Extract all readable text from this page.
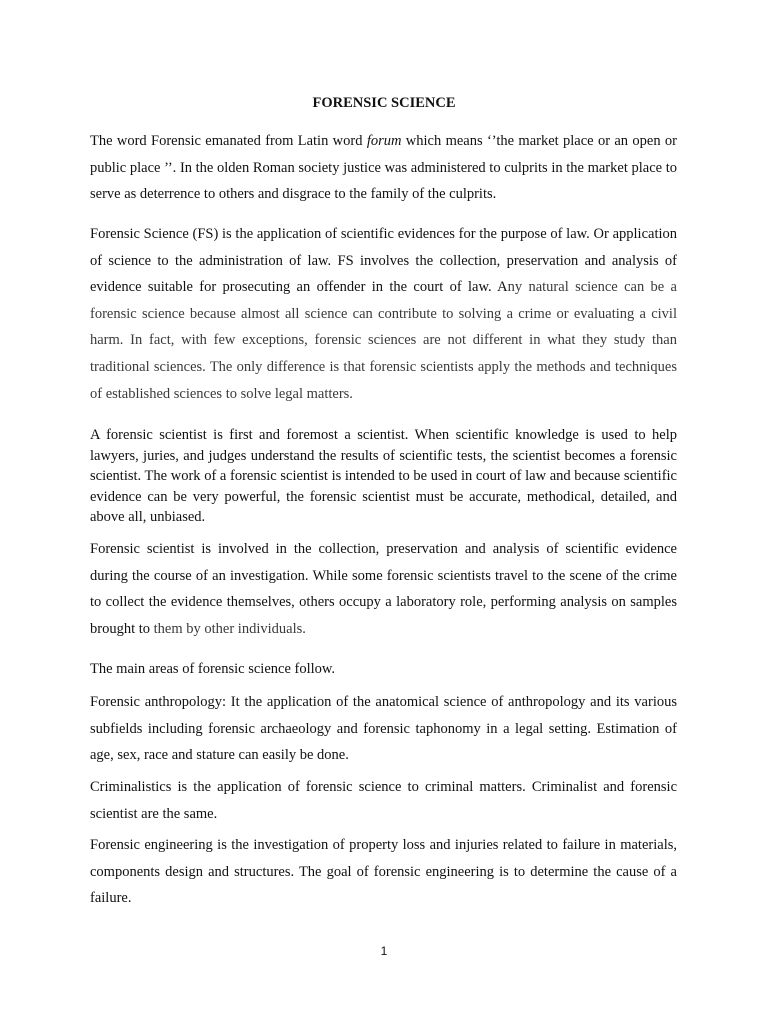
FORENSIC SCIENCE

The word Forensic emanated from Latin word forum which means ‘’the market place or an open or public place ’’. In the olden Roman society justice was administered to culprits in the market place to serve as deterrence to others and disgrace to the family of the culprits.

Forensic Science (FS) is the application of scientific evidences for the purpose of law. Or application of science to the administration of law. FS involves the collection, preservation and analysis of evidence suitable for prosecuting an offender in the court of law. Any natural science can be a forensic science because almost all science can contribute to solving a crime or evaluating a civil harm. In fact, with few exceptions, forensic sciences are not different in what they study than traditional sciences. The only difference is that forensic scientists apply the methods and techniques of established sciences to solve legal matters.

A forensic scientist is first and foremost a scientist. When scientific knowledge is used to help lawyers, juries, and judges understand the results of scientific tests, the scientist becomes a forensic scientist. The work of a forensic scientist is intended to be used in court of law and because scientific evidence can be very powerful, the forensic scientist must be accurate, methodical, detailed, and above all, unbiased.

Forensic scientist is involved in the collection, preservation and analysis of scientific evidence during the course of an investigation. While some forensic scientists travel to the scene of the crime to collect the evidence themselves, others occupy a laboratory role, performing analysis on samples brought to them by other individuals.

The main areas of forensic science follow.

Forensic anthropology: It the application of the anatomical science of anthropology and its various subfields including forensic archaeology and forensic taphonomy in a legal setting. Estimation of age, sex, race and stature can easily be done.

Criminalistics is the application of forensic science to criminal matters. Criminalist and forensic scientist are the same.

Forensic engineering is the investigation of property loss and injuries related to failure in materials, components design and structures. The goal of forensic engineering is to determine the cause of a failure.

1
